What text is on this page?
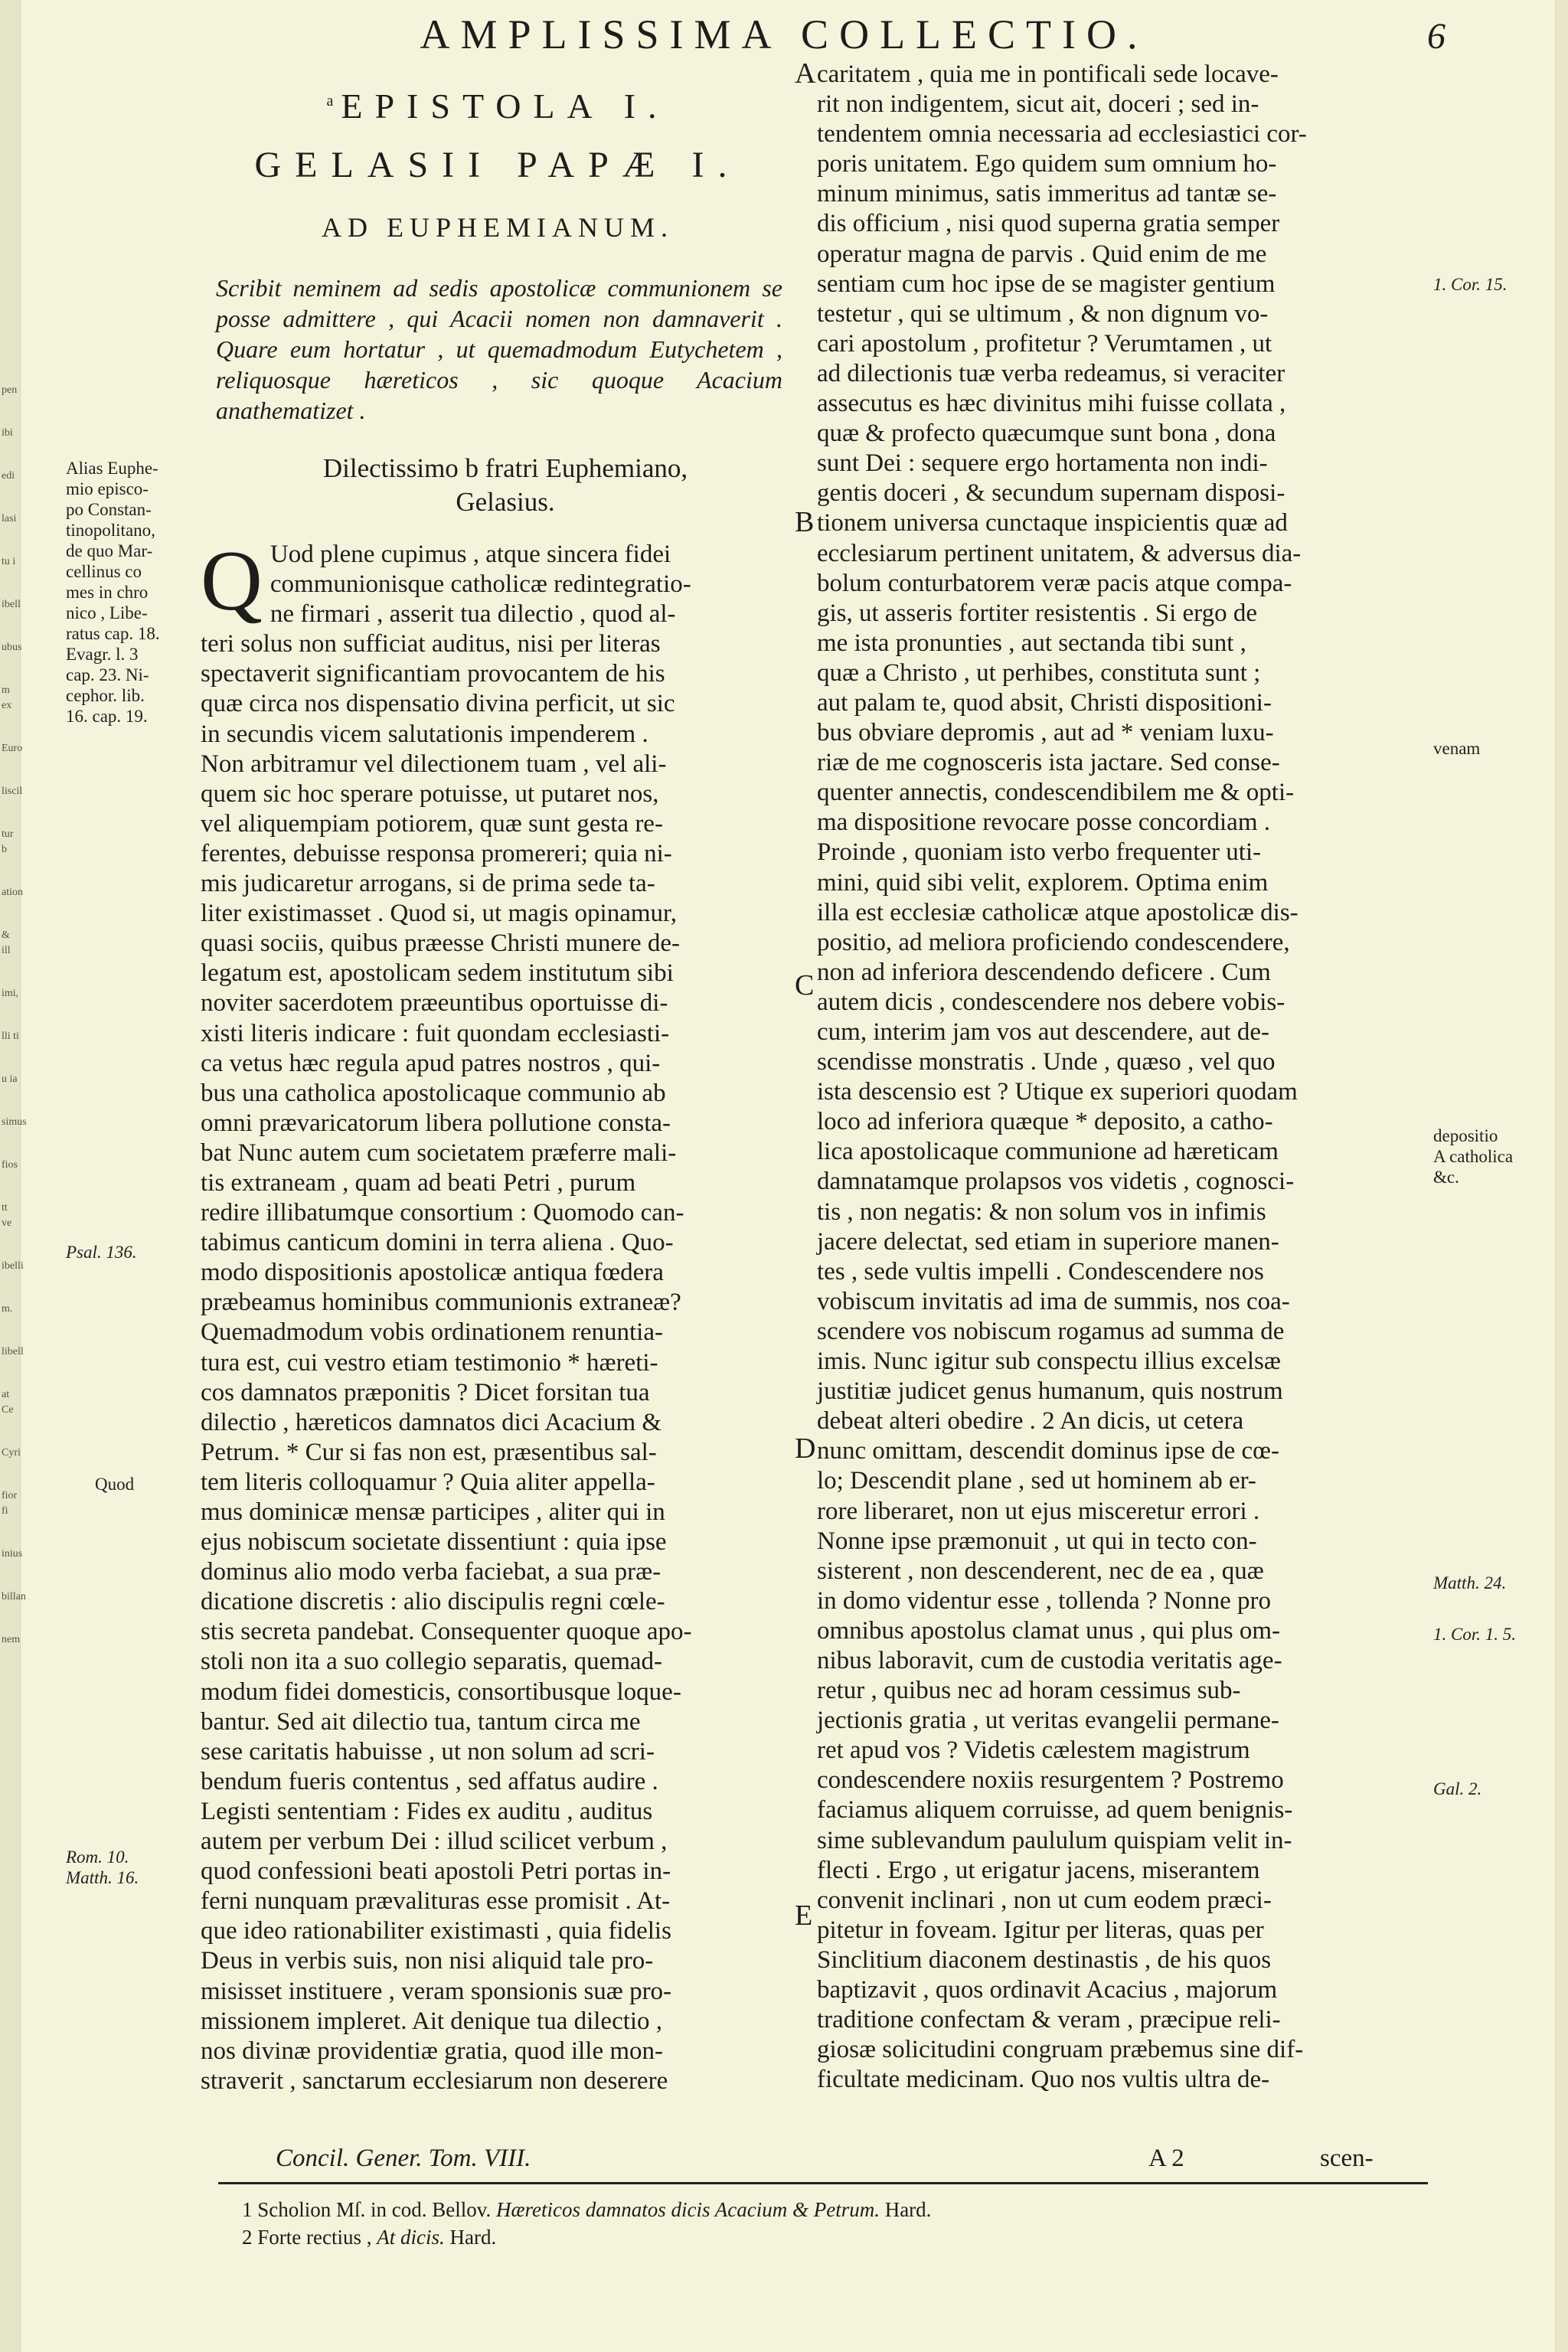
pen
ibi
edi
lasi
tu i
ibell
ubus
m ex
Euro
liscil
tur b
ation
& ill
imi,
lli ti
u ia
simus
fios
tt ve
ibelli
m.
libell
at Ce
Cyri
fior fi
inius
billan
nem
AMPLISSIMA COLLECTIO.	6
$^a$ EPISTOLA I.
GELASII PAPÆ I.
AD EUPHEMIANUM.
Scribit neminem ad sedis apostolicæ communionem se posse admittere , qui Acacii nomen non damnaverit . Quare eum hortatur , ut quemadmodum Eutychetem , reliquosque hæreticos , sic quoque Acacium anathematizet .
Dilectissimo b fratri Euphemiano,
Gelasius.
Q Uod plene cupimus , atque sincera fidei
communionisque catholicæ redintegratio-
ne firmari , asserit tua dilectio , quod al-
teri solus non sufficiat auditus, nisi per literas
spectaverit significantiam provocantem de his
quæ circa nos dispensatio divina perficit, ut sic
in secundis vicem salutationis impenderem .
Non arbitramur vel dilectionem tuam , vel ali-
quem sic hoc sperare potuisse, ut putaret nos,
vel aliquempiam potiorem, quæ sunt gesta re-
ferentes, debuisse responsa promereri; quia ni-
mis judicaretur arrogans, si de prima sede ta-
liter existimasset . Quod si, ut magis opinamur,
quasi sociis, quibus præesse Christi munere de-
legatum est, apostolicam sedem institutum sibi
noviter sacerdotem præeuntibus oportuisse di-
xisti literis indicare : fuit quondam ecclesiasti-
ca vetus hæc regula apud patres nostros , qui-
bus una catholica apostolicaque communio ab
omni prævaricatorum libera pollutione consta-
bat Nunc autem cum societatem præferre mali-
tis extraneam , quam ad beati Petri , purum
redire illibatumque consortium : Quomodo can-
tabimus canticum domini in terra aliena . Quo-
modo dispositionis apostolicæ antiqua fœdera
præbeamus hominibus communionis extraneæ?
Quemadmodum vobis ordinationem renuntia-
tura est, cui vestro etiam testimonio * hæreti-
cos damnatos præponitis ? Dicet forsitan tua
dilectio , hæreticos damnatos dici Acacium &
Petrum. * Cur si fas non est, præsentibus sal-
tem literis colloquamur ? Quia aliter appella-
mus dominicæ mensæ participes , aliter qui in
ejus nobiscum societate dissentiunt : quia ipse
dominus alio modo verba faciebat, a sua præ-
dicatione discretis : alio discipulis regni cœle-
stis secreta pandebat. Consequenter quoque apo-
stoli non ita a suo collegio separatis, quemad-
modum fidei domesticis, consortibusque loque-
bantur. Sed ait dilectio tua, tantum circa me
sese caritatis habuisse , ut non solum ad scri-
bendum fueris contentus , sed affatus audire .
Legisti sententiam : Fides ex auditu , auditus
autem per verbum Dei : illud scilicet verbum ,
quod confessioni beati apostoli Petri portas in-
ferni nunquam prævalituras esse promisit . At-
que ideo rationabiliter existimasti , quia fidelis
Deus in verbis suis, non nisi aliquid tale pro-
misisset instituere , veram sponsionis suæ pro-
missionem impleret. Ait denique tua dilectio ,
nos divinæ providentiæ gratia, quod ille mon-
straverit , sanctarum ecclesiarum non deserere
caritatem , quia me in pontificali sede locave-
rit non indigentem, sicut ait, doceri ; sed in-
tendentem omnia necessaria ad ecclesiastici cor-
poris unitatem. Ego quidem sum omnium ho-
minum minimus, satis immeritus ad tantæ se-
dis officium , nisi quod superna gratia semper
operatur magna de parvis . Quid enim de me
sentiam cum hoc ipse de se magister gentium
testetur , qui se ultimum , & non dignum vo-
cari apostolum , profitetur ? Verumtamen , ut
ad dilectionis tuæ verba redeamus, si veraciter
assecutus es hæc divinitus mihi fuisse collata ,
quæ & profecto quæcumque sunt bona , dona
sunt Dei : sequere ergo hortamenta non indi-
gentis doceri , & secundum supernam disposi-
tionem universa cunctaque inspicientis quæ ad
ecclesiarum pertinent unitatem, & adversus dia-
bolum conturbatorem veræ pacis atque compa-
gis, ut asseris fortiter resistentis . Si ergo de
me ista pronunties , aut sectanda tibi sunt ,
quæ a Christo , ut perhibes, constituta sunt ;
aut palam te, quod absit, Christi dispositioni-
bus obviare depromis , aut ad * veniam luxu-
riæ de me cognosceris ista jactare. Sed conse-
quenter annectis, condescendibilem me & opti-
ma dispositione revocare posse concordiam .
Proinde , quoniam isto verbo frequenter uti-
mini, quid sibi velit, explorem. Optima enim
illa est ecclesiæ catholicæ atque apostolicæ dis-
positio, ad meliora proficiendo condescendere,
non ad inferiora descendendo deficere . Cum
autem dicis , condescendere nos debere vobis-
cum, interim jam vos aut descendere, aut de-
scendisse monstratis . Unde , quæso , vel quo
ista descensio est ? Utique ex superiori quodam
loco ad inferiora quæque * deposito, a catho-
lica apostolicaque communione ad hæreticam
damnatamque prolapsos vos videtis , cognosci-
tis , non negatis: & non solum vos in infimis
jacere delectat, sed etiam in superiore manen-
tes , sede vultis impelli . Condescendere nos
vobiscum invitatis ad ima de summis, nos coa-
scendere vos nobiscum rogamus ad summa de
imis. Nunc igitur sub conspectu illius excelsæ
justitiæ judicet genus humanum, quis nostrum
debeat alteri obedire . 2 An dicis, ut cetera
nunc omittam, descendit dominus ipse de cœ-
lo; Descendit plane , sed ut hominem ab er-
rore liberaret, non ut ejus misceretur errori .
Nonne ipse præmonuit , ut qui in tecto con-
sisterent , non descenderent, nec de ea , quæ
in domo videntur esse , tollenda ? Nonne pro
omnibus apostolus clamat unus , qui plus om-
nibus laboravit, cum de custodia veritatis age-
retur , quibus nec ad horam cessimus sub-
jectionis gratia , ut veritas evangelii permane-
ret apud vos ? Videtis cælestem magistrum
condescendere noxiis resurgentem ? Postremo
faciamus aliquem corruisse, ad quem benignis-
sime sublevandum paululum quispiam velit in-
flecti . Ergo , ut erigatur jacens, miserantem
convenit inclinari , non ut cum eodem præci-
pitetur in foveam. Igitur per literas, quas per
Sinclitium diaconem destinastis , de his quos
baptizavit , quos ordinavit Acacius , majorum
traditione confectam & veram , præcipue reli-
giosæ solicitudini congruam præbemus sine dif-
ficultate medicinam. Quo nos vultis ultra de-
A
B
C
D
E
Alias Euphe-
mio episco-
po Constan-
tinopolitano,
de quo Mar-
cellinus co
mes in chro
nico , Libe-
ratus cap. 18.
Evagr. l. 3
cap. 23. Ni-
cephor. lib.
16. cap. 19.
Psal. 136.
Quod
Rom. 10.
Matth. 16.
1. Cor. 15.
venam
depositio
A catholica
&c.
Matth. 24.
1. Cor. 1. 5.
Gal. 2.
Concil. Gener. Tom. VIII.	A 2	scen-
1 Scholion Mſ. in cod. Bellov. Hæreticos damnatos dicis Acacium & Petrum. Hard.
2 Forte rectius , At dicis. Hard.
